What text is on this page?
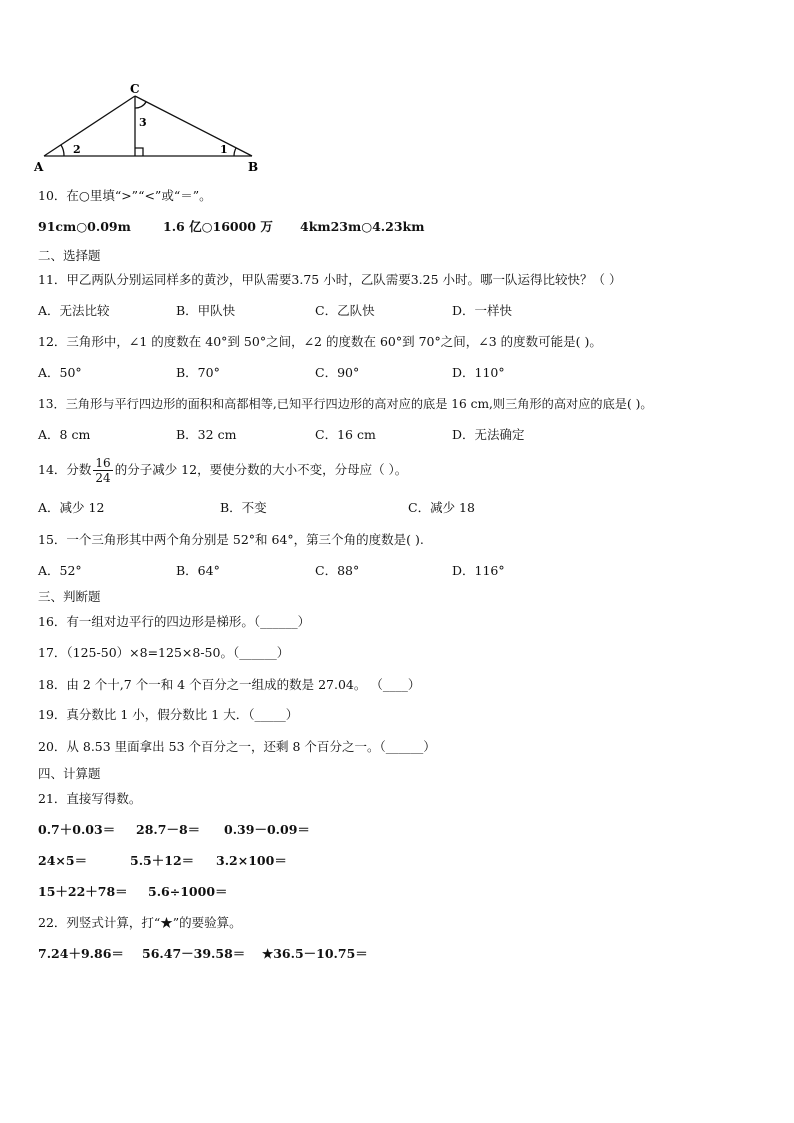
C
A	B
3
2	1
10．在○里填“>”“<”或“＝”。
91cm○0.09m	1.6 亿○16000 万 4km23m○4.23km
二、选择题
11．甲乙两队分别运同样多的黄沙，甲队需要3.75 小时，乙队需要3.25 小时。哪一队运得比较快？（ ）
A．无法比较	B．甲队快	C．乙队快	D．一样快
12．三角形中，∠1 的度数在 40°到 50°之间，∠2 的度数在 60°到 70°之间，∠3 的度数可能是( )。
A．50°	B．70°	C．90°	D．110°
13．三角形与平行四边形的面积和高都相等,已知平行四边形的高对应的底是 16 cm,则三角形的高对应的底是( )。
A．8 cm	B．32 cm	C．16 cm	D．无法确定
14．分数 $\frac{16}{24}$ 的分子减少 12，要使分数的大小不变，分母应（ ）。
A．减少 12	B．不变	C．减少 18
15．一个三角形其中两个角分别是 52°和 64°，第三个角的度数是( ).
A．52°	B．64°	C．88°	D．116°
三、判断题
16．有一组对边平行的四边形是梯形。（______）
17．（125-50）×8=125×8-50。（______）
18．由 2 个十,7 个一和 4 个百分之一组成的数是 27.04。 （____）
19．真分数比 1 小，假分数比 1 大．（_____）
20．从 8.53 里面拿出 53 个百分之一，还剩 8 个百分之一。（______）
四、计算题
21．直接写得数。
0.7＋0.03＝ 28.7－8＝ 0.39－0.09＝
24×5＝	5.5＋12＝ 3.2×100＝
15＋22＋78＝ 5.6÷1000＝
22．列竖式计算，打“★”的要验算。
7.24＋9.86＝ 56.47－39.58＝ ★36.5－10.75＝
